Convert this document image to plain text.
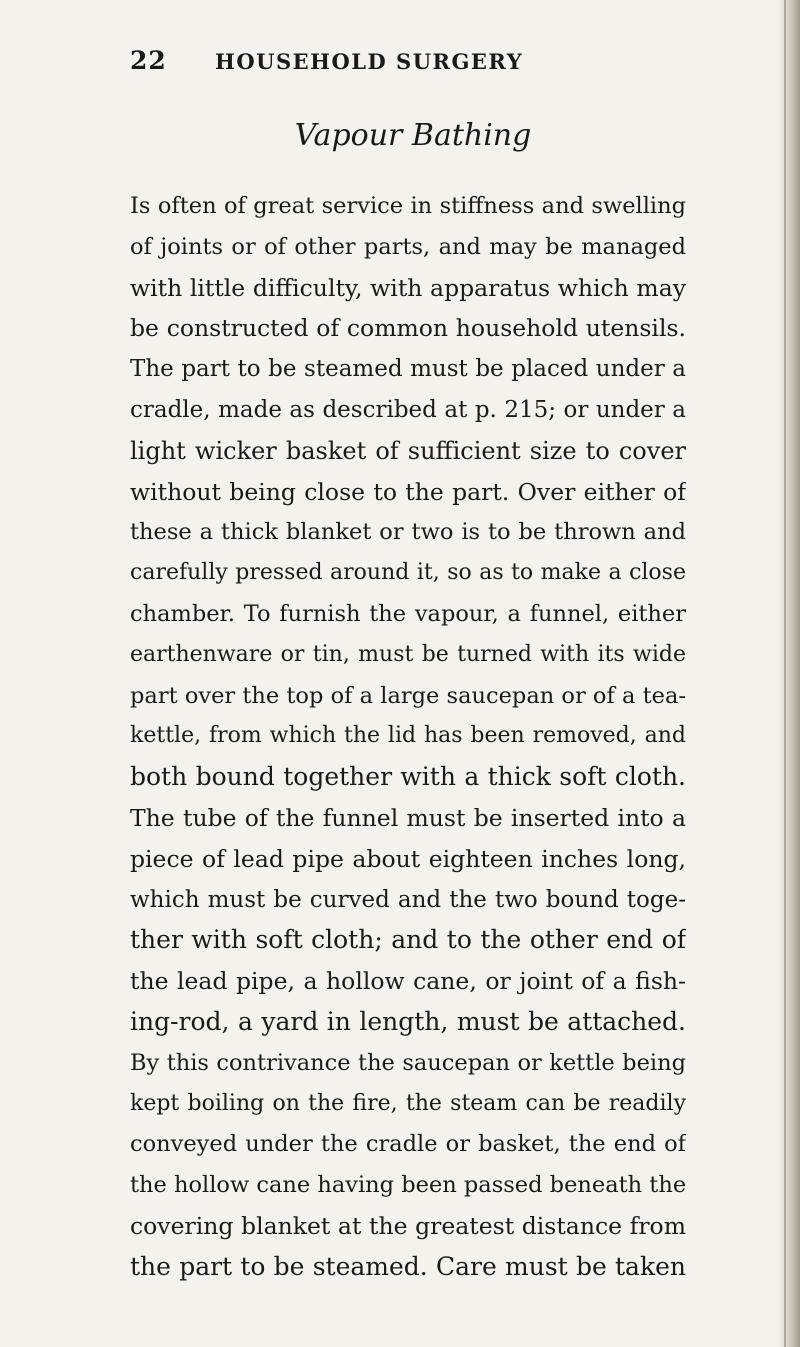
22 HOUSEHOLD SURGERY
Vapour Bathing
Is often of great service in stiffness and swelling
of joints or of other parts, and may be managed
with little difficulty, with apparatus which may
be constructed of common household utensils.
The part to be steamed must be placed under a
cradle, made as described at p. 215; or under a
light wicker basket of sufficient size to cover
without being close to the part. Over either of
these a thick blanket or two is to be thrown and
carefully pressed around it, so as to make a close
chamber. To furnish the vapour, a funnel, either
earthenware or tin, must be turned with its wide
part over the top of a large saucepan or of a tea-
kettle, from which the lid has been removed, and
both bound together with a thick soft cloth.
The tube of the funnel must be inserted into a
piece of lead pipe about eighteen inches long,
which must be curved and the two bound toge-
ther with soft cloth; and to the other end of
the lead pipe, a hollow cane, or joint of a fish-
ing-rod, a yard in length, must be attached.
By this contrivance the saucepan or kettle being
kept boiling on the fire, the steam can be readily
conveyed under the cradle or basket, the end of
the hollow cane having been passed beneath the
covering blanket at the greatest distance from
the part to be steamed. Care must be taken
